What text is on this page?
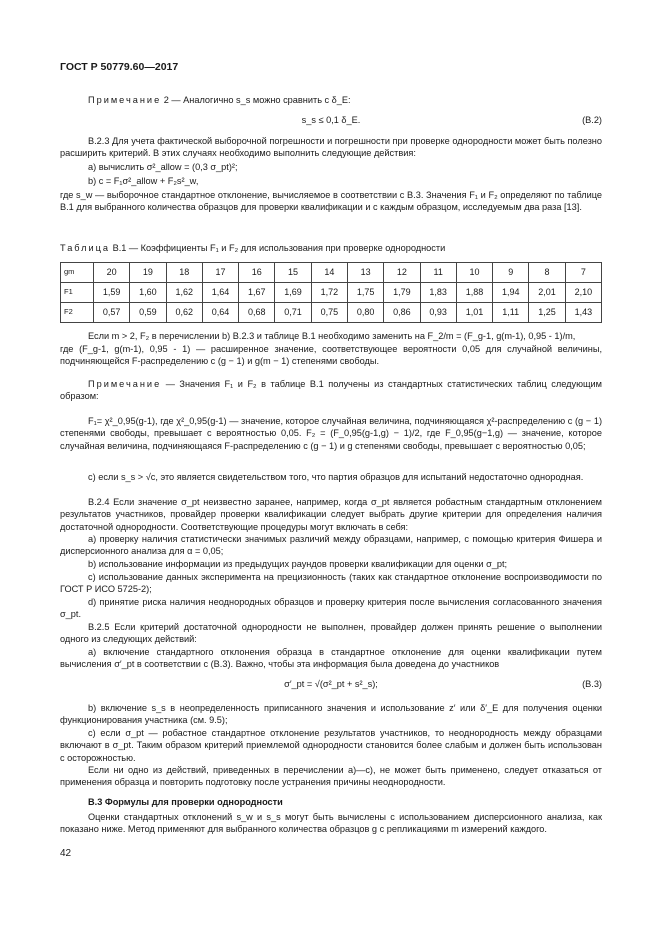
ГОСТ Р 50779.60—2017
Примечание 2 — Аналогично s_s можно сравнить с δ_E:
s_s ≤ 0,1 δ_E.	(B.2)
B.2.3 Для учета фактической выборочной погрешности и погрешности при проверке однородности может быть полезно расширить критерий. В этих случаях необходимо выполнить следующие действия:
а) вычислить σ²_allow = (0,3 σ_pt)²;
b) c = F₁σ²_allow + F₂s²_w,
где s_w — выборочное стандартное отклонение, вычисляемое в соответствии с B.3. Значения F₁ и F₂ определяют по таблице B.1 для выбранного количества образцов для проверки квалификации и с каждым образцом, исследуемым два раза [13].
Таблица B.1 — Коэффициенты F₁ и F₂ для использования при проверке однородности
gm	20	19	18	17	16	15	14	13	12	11	10	9	8	7
F1	1,59	1,60	1,62	1,64	1,67	1,69	1,72	1,75	1,79	1,83	1,88	1,94	2,01	2,10
F2	0,57	0,59	0,62	0,64	0,68	0,71	0,75	0,80	0,86	0,93	1,01	1,11	1,25	1,43
Если m > 2, F₂ в перечислении b) B.2.3 и таблице B.1 необходимо заменить на F_2/m = (F_g-1, g(m-1), 0,95 - 1)/m,
где (F_g-1, g(m-1), 0,95 - 1) — расширенное значение, соответствующее вероятности 0,05 для случайной величины, подчиняющейся F-распределению с (g − 1) и g(m − 1) степенями свободы.
Примечание — Значения F₁ и F₂ в таблице B.1 получены из стандартных статистических таблиц следующим образом:
F₁= χ²_0,95(g-1), где χ²_0,95(g-1) — значение, которое случайная величина, подчиняющаяся χ²-распределению с (g − 1) степенями свободы, превышает с вероятностью 0,05. F₂ = (F_0,95(g-1,g) − 1)/2, где F_0,95(g−1,g) — значение, которое случайная величина, подчиняющаяся F-распределению с (g − 1) и g степенями свободы, превышает с вероятностью 0,05;
с) если s_s > √c, это является свидетельством того, что партия образцов для испытаний недостаточно однородная.
B.2.4 Если значение σ_pt неизвестно заранее, например, когда σ_pt является робастным стандартным отклонением результатов участников, провайдер проверки квалификации следует выбрать другие критерии для определения наличия достаточной однородности. Соответствующие процедуры могут включать в себя:
а) проверку наличия статистически значимых различий между образцами, например, с помощью критерия Фишера и дисперсионного анализа для α = 0,05;
b) использование информации из предыдущих раундов проверки квалификации для оценки σ_pt;
с) использование данных эксперимента на прецизионность (таких как стандартное отклонение воспроизводимости по ГОСТ Р ИСО 5725-2);
d) принятие риска наличия неоднородных образцов и проверку критерия после вычисления согласованного значения σ_pt.
B.2.5 Если критерий достаточной однородности не выполнен, провайдер должен принять решение о выполнении одного из следующих действий:
а) включение стандартного отклонения образца в стандартное отклонение для оценки квалификации путем вычисления σ′_pt в соответствии с (B.3). Важно, чтобы эта информация была доведена до участников
σ′_pt = √(σ²_pt + s²_s);	(B.3)
b) включение s_s в неопределенность приписанного значения и использование z′ или δ′_E для получения оценки функционирования участника (см. 9.5);
с) если σ_pt — робастное стандартное отклонение результатов участников, то неоднородность между образцами включают в σ_pt. Таким образом критерий приемлемой однородности становится более слабым и должен быть использован с осторожностью.
Если ни одно из действий, приведенных в перечислении а)—с), не может быть применено, следует отказаться от применения образца и повторить подготовку после устранения причины неоднородности.
B.3 Формулы для проверки однородности
Оценки стандартных отклонений s_w и s_s могут быть вычислены с использованием дисперсионного анализа, как показано ниже. Метод применяют для выбранного количества образцов g с репликациями m измерений каждого.
42
